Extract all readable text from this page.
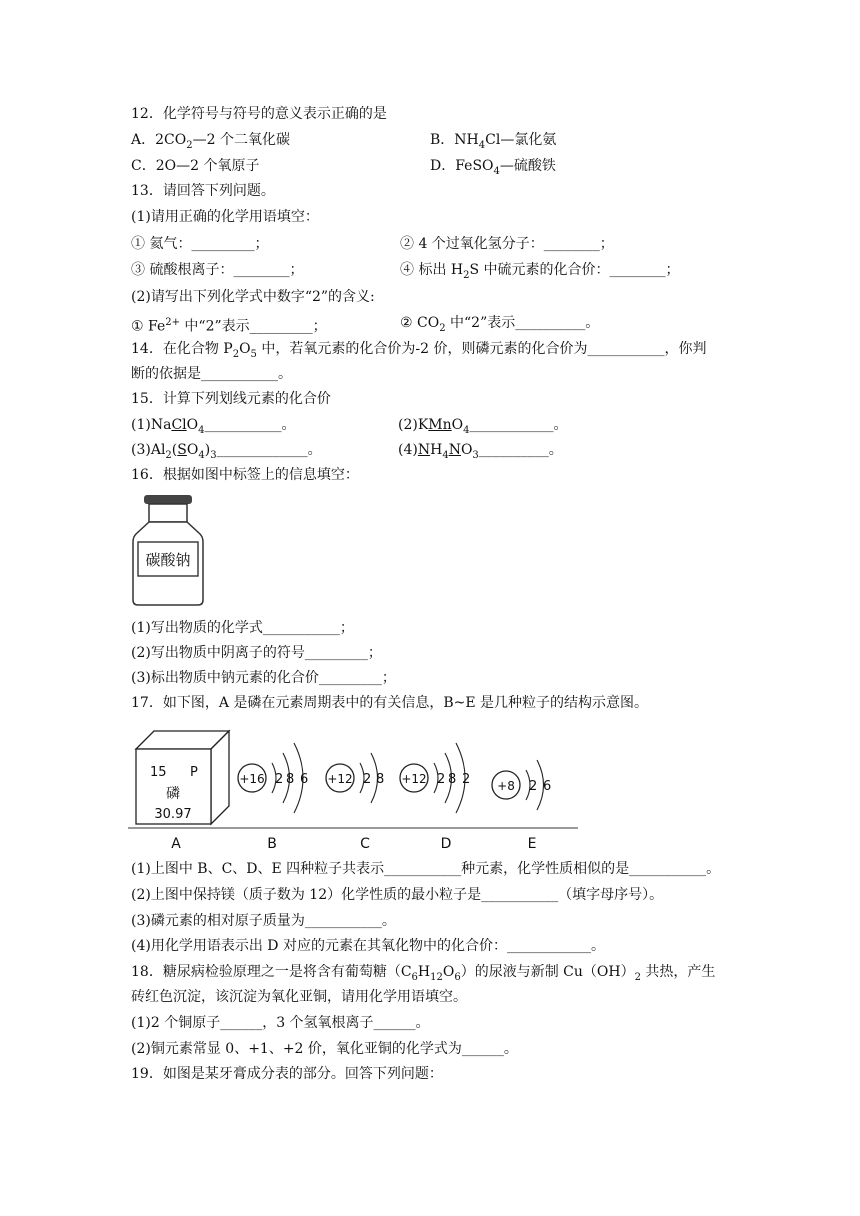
12．化学符号与符号的意义表示正确的是
A．$2CO_2—2$ 个二氧化碳	B．$NH_4Cl—$氯化氨
C．2O—2 个氧原子	D．FeSO$_4$—硫酸铁
13．请回答下列问题。
(1)请用正确的化学用语填空：
① 氦气：_________；	② 4 个过氧化氢分子：________；
③ 硫酸根离子：________；	④ 标出 $H_2S$ 中硫元素的化合价：________；
(2)请写出下列化学式中数字“2”的含义:
① $Fe^{2+}$ 中“2”表示_________；	② $CO_2$ 中“2”表示__________。
14．在化合物 $P_2O_5$ 中，若氧元素的化合价为-2 价，则磷元素的化合价为___________，你判
断的依据是___________。
15．计算下列划线元素的化合价
(1)NaClO$_4$___________。	(2)KMnO$_4$____________。
$(3)Al_2(SO_4)_3\_\_\_\_\_\_\_\_\_\_\_\_\_$。	$(4)NH_4NO_3\_\_\_\_\_\_\_\_\_\_$。
16．根据如图中标签上的信息填空：
碳酸钠
(1)写出物质的化学式___________；
(2)写出物质中阴离子的符号_________；
(3)标出物质中钠元素的化合价_________；
17．如下图，A 是磷在元素周期表中的有关信息，B~E 是几种粒子的结构示意图。
15 P
磷
30.97
+16 2 8 6 +12 2 8 +12 2 8 2 +8 2 6
A	B	C	D	E
(1)上图中 B、C、D、E 四种粒子共表示___________种元素，化学性质相似的是___________。
(2)上图中保持镁（质子数为 12）化学性质的最小粒子是___________（填字母序号）。
(3)磷元素的相对原子质量为___________。
(4)用化学用语表示出 D 对应的元素在其氧化物中的化合价：____________。
18．糖尿病检验原理之一是将含有葡萄糖$(C_6H_{12}O_6)$的尿液与新制 $Cu(OH)_2$ 共热，产生
砖红色沉淀，该沉淀为氧化亚铜，请用化学用语填空。
(1)2 个铜原子______，3 个氢氧根离子______。
(2)铜元素常显 0、+1、+2 价，氧化亚铜的化学式为______。
19．如图是某牙膏成分表的部分。回答下列问题：
